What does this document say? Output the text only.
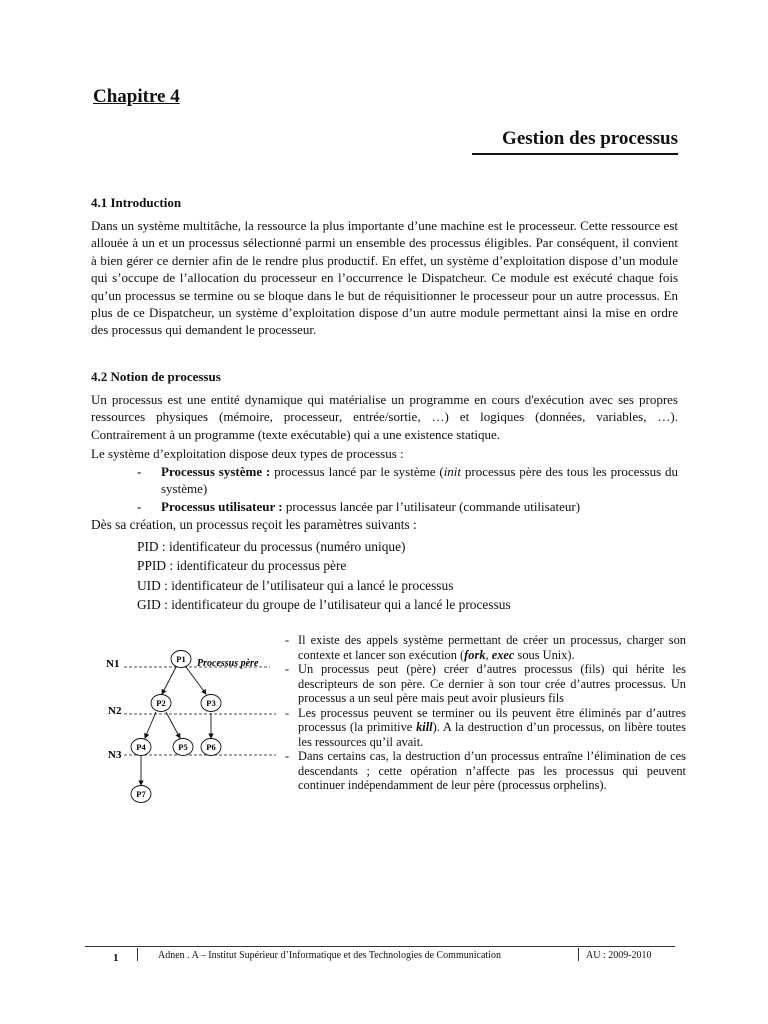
Chapitre 4
Gestion des processus
4.1 Introduction

Dans un système multitâche, la ressource la plus importante d’une machine est le processeur. Cette ressource est allouée à un et un processus sélectionné parmi un ensemble des processus éligibles. Par conséquent, il convient à bien gérer ce dernier afin de le rendre plus productif. En effet, un système d’exploitation dispose d’un module qui s’occupe de l’allocation du processeur en l’occurrence le Dispatcheur. Ce module est exécuté chaque fois qu’un processus se termine ou se bloque dans le but de réquisitionner le processeur pour un autre processus. En plus de ce Dispatcheur, un système d’exploitation dispose d’un autre module permettant ainsi la mise en ordre des processus qui demandent le processeur.

4.2 Notion de processus

Un processus est une entité dynamique qui matérialise un programme en cours d'exécution avec ses propres ressources physiques (mémoire, processeur, entrée/sortie, …) et logiques (données, variables, …). Contrairement à un programme (texte exécutable) qui a une existence statique.

Le système d’exploitation dispose deux types de processus :

-	Processus système : processus lancé par le système (init processus père des tous les processus du système)
-	Processus utilisateur : processus lancée par l’utilisateur (commande utilisateur)
Dès sa création, un processus reçoit les paramètres suivants :
PID : identificateur du processus (numéro unique)
PPID : identificateur du processus père
UID : identificateur de l’utilisateur qui a lancé le processus
GID : identificateur du groupe de l’utilisateur qui a lancé le processus
N1
N2
N3
P1
P2	P3
P4	P5 P6
P7
Processus père
- Il existe des appels système permettant de créer un processus, charger son contexte et lancer son exécution (fork, exec sous Unix).
- Un processus peut (père) créer d’autres processus (fils) qui hérite les descripteurs de son père. Ce dernier à son tour crée d’autres processus. Un processus a un seul père mais peut avoir plusieurs fils
- Les processus peuvent se terminer ou ils peuvent être éliminés par d’autres processus (la primitive kill). A la destruction d’un processus, on libère toutes les ressources qu’il avait.
- Dans certains cas, la destruction d’un processus entraîne l’élimination de ces descendants ; cette opération n’affecte pas les processus qui peuvent continuer indépendamment de leur père (processus orphelins).
1	Adnen . A – Institut Supérieur d’Informatique et des Technologies de Communication	AU : 2009-2010
